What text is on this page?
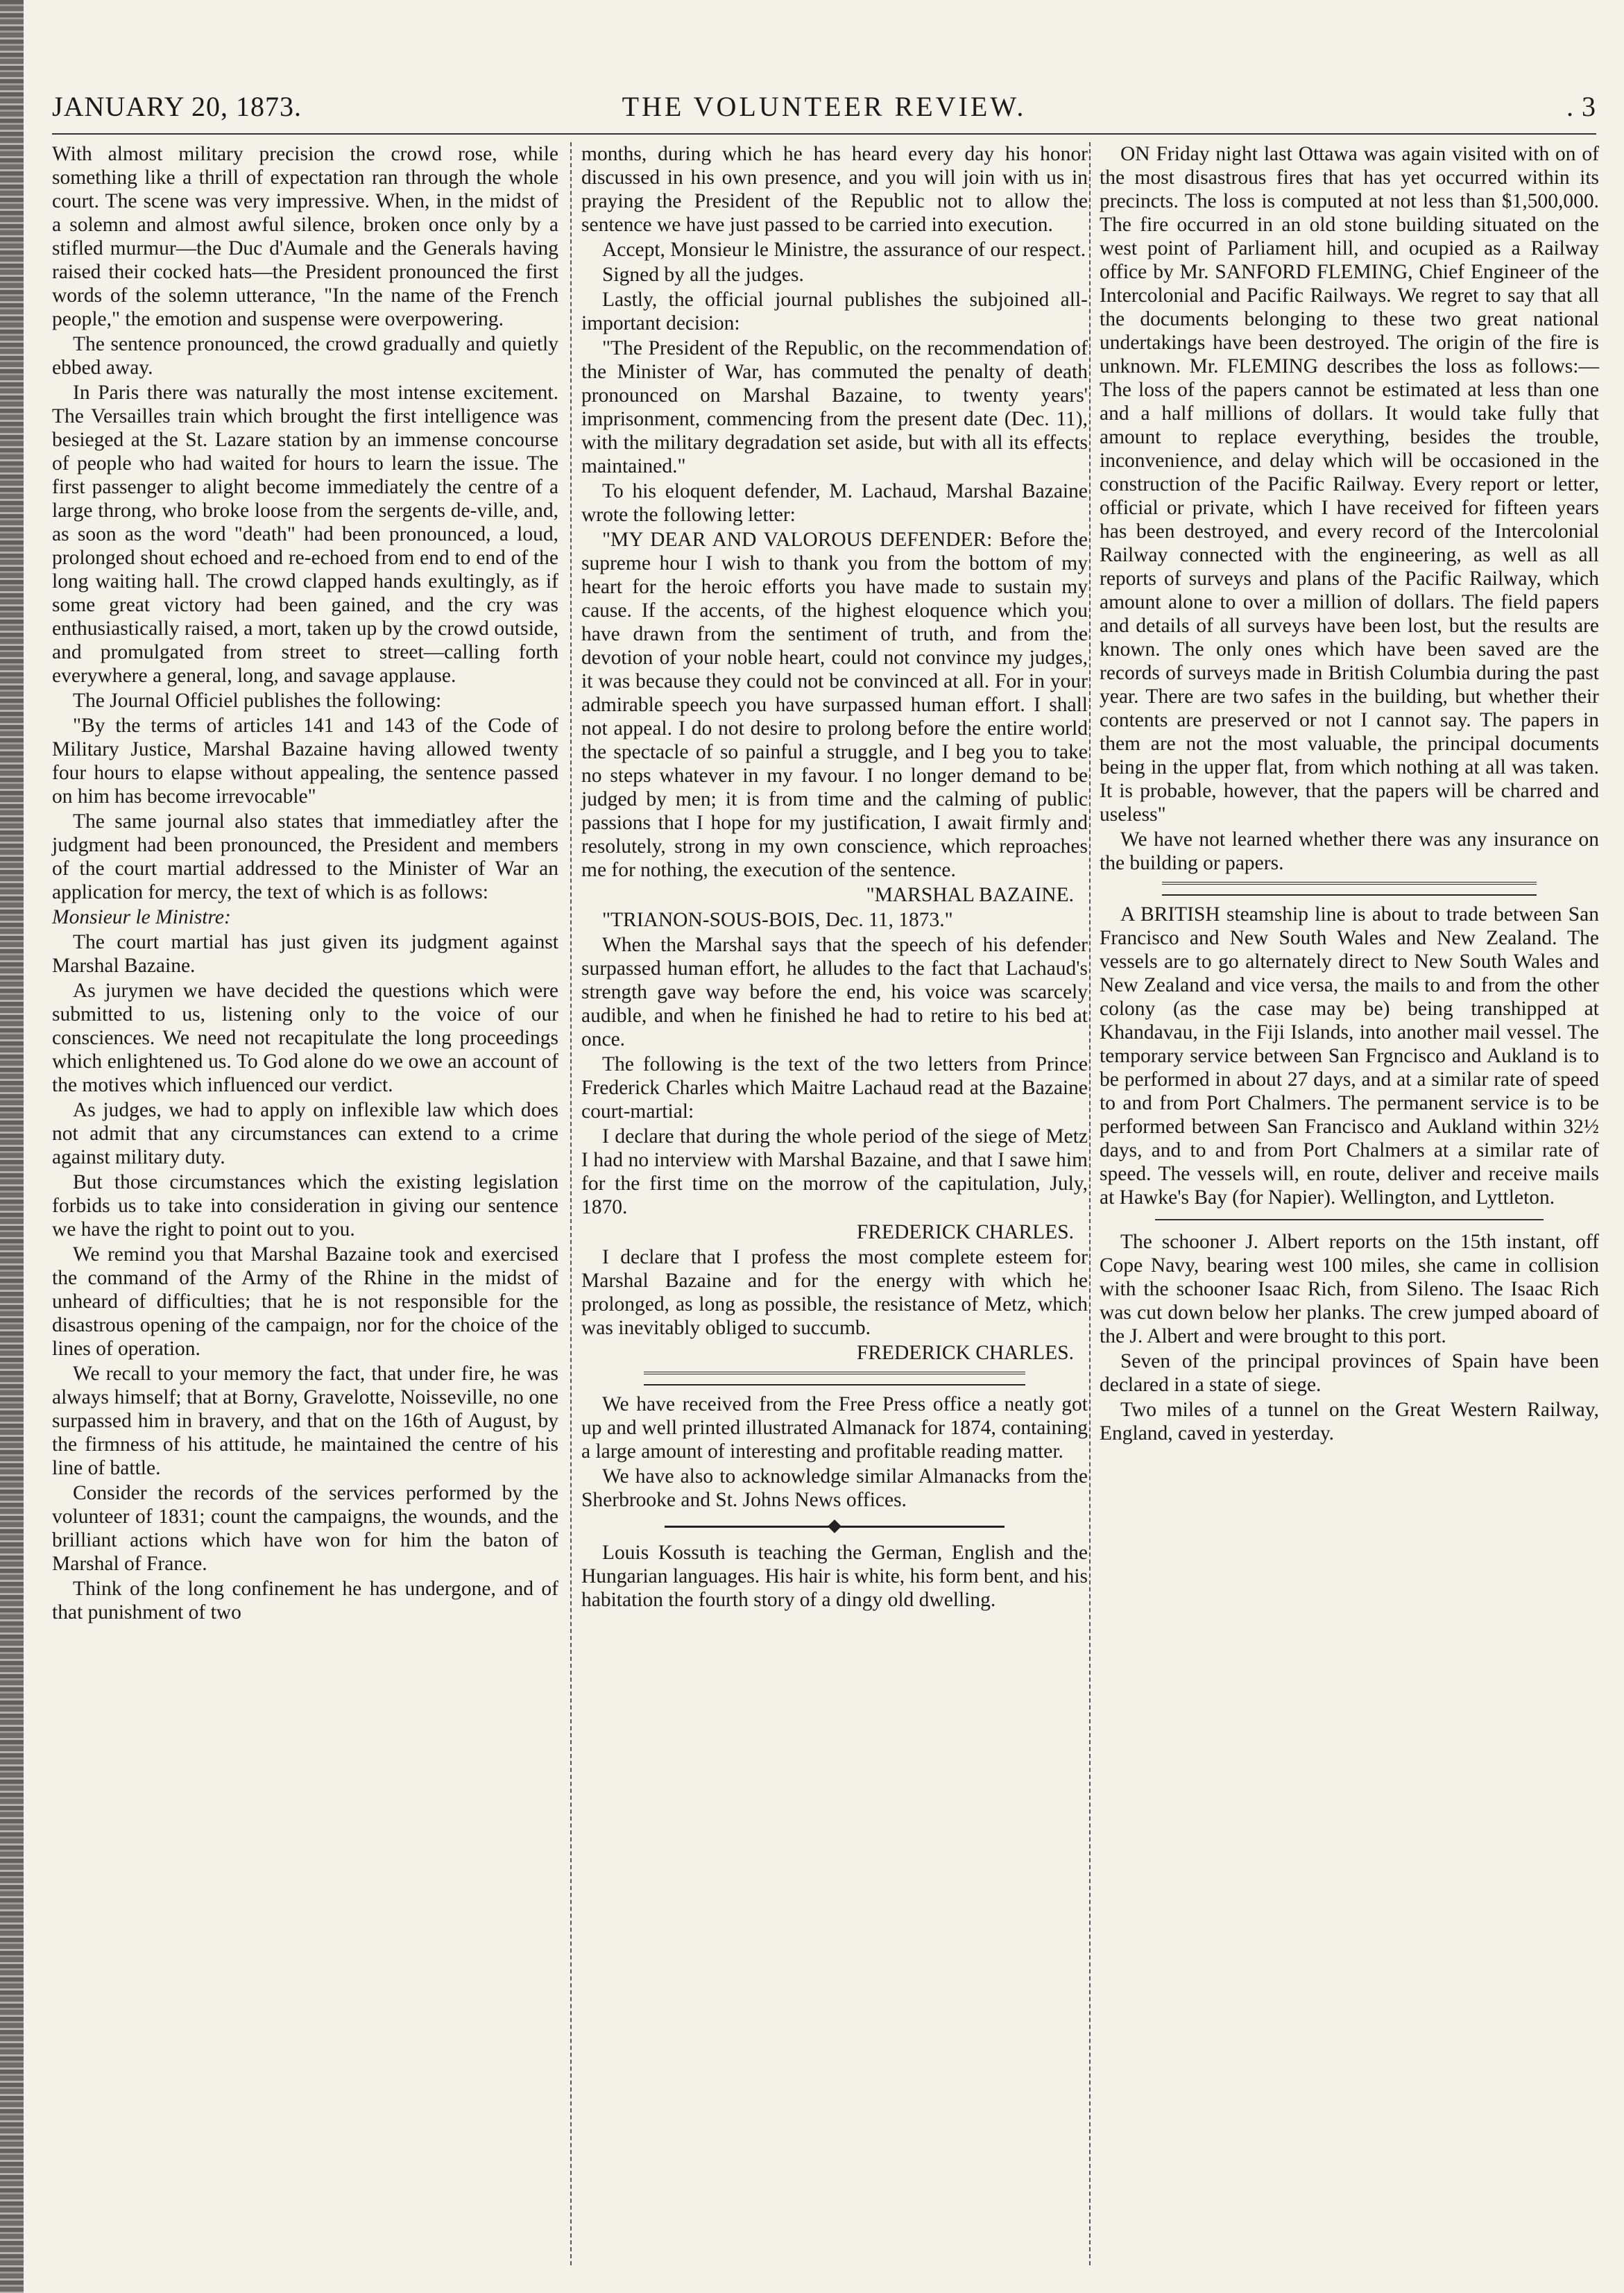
JANUARY 20, 1873.	THE VOLUNTEER REVIEW.	. 3

With almost military precision the crowd rose, while something like a thrill of expectation ran through the whole court. The scene was very impressive. When, in the midst of a solemn and almost awful silence, broken once only by a stifled murmur—the Duc d'Aumale and the Generals having raised their cocked hats—the President pronounced the first words of the solemn utterance, "In the name of the French people," the emotion and suspense were overpowering.

The sentence pronounced, the crowd gradually and quietly ebbed away.

In Paris there was naturally the most intense excitement. The Versailles train which brought the first intelligence was besieged at the St. Lazare station by an immense concourse of people who had waited for hours to learn the issue. The first passenger to alight become immediately the centre of a large throng, who broke loose from the sergents de-ville, and, as soon as the word "death" had been pronounced, a loud, prolonged shout echoed and re-echoed from end to end of the long waiting hall. The crowd clapped hands exultingly, as if some great victory had been gained, and the cry was enthusiastically raised, a mort, taken up by the crowd outside, and promulgated from street to street—calling forth everywhere a general, long, and savage applause.

The Journal Officiel publishes the following:

"By the terms of articles 141 and 143 of the Code of Military Justice, Marshal Bazaine having allowed twenty four hours to elapse without appealing, the sentence passed on him has become irrevocable"

The same journal also states that immediatley after the judgment had been pronounced, the President and members of the court martial addressed to the Minister of War an application for mercy, the text of which is as follows:

Monsieur le Ministre:

The court martial has just given its judgment against Marshal Bazaine.

As jurymen we have decided the questions which were submitted to us, listening only to the voice of our consciences. We need not recapitulate the long proceedings which enlightened us. To God alone do we owe an account of the motives which influenced our verdict.

As judges, we had to apply on inflexible law which does not admit that any circumstances can extend to a crime against military duty.

But those circumstances which the existing legislation forbids us to take into consideration in giving our sentence we have the right to point out to you.

We remind you that Marshal Bazaine took and exercised the command of the Army of the Rhine in the midst of unheard of difficulties; that he is not responsible for the disastrous opening of the campaign, nor for the choice of the lines of operation.

We recall to your memory the fact, that under fire, he was always himself; that at Borny, Gravelotte, Noisseville, no one surpassed him in bravery, and that on the 16th of August, by the firmness of his attitude, he maintained the centre of his line of battle.

Consider the records of the services performed by the volunteer of 1831; count the campaigns, the wounds, and the brilliant actions which have won for him the baton of Marshal of France.

Think of the long confinement he has undergone, and of that punishment of two

months, during which he has heard every day his honor discussed in his own presence, and you will join with us in praying the President of the Republic not to allow the sentence we have just passed to be carried into execution.

Accept, Monsieur le Ministre, the assurance of our respect.

Signed by all the judges.

Lastly, the official journal publishes the subjoined all-important decision:

"The President of the Republic, on the recommendation of the Minister of War, has commuted the penalty of death pronounced on Marshal Bazaine, to twenty years' imprisonment, commencing from the present date (Dec. 11), with the military degradation set aside, but with all its effects maintained."

To his eloquent defender, M. Lachaud, Marshal Bazaine wrote the following letter:

"MY DEAR AND VALOROUS DEFENDER: Before the supreme hour I wish to thank you from the bottom of my heart for the heroic efforts you have made to sustain my cause. If the accents, of the highest eloquence which you have drawn from the sentiment of truth, and from the devotion of your noble heart, could not convince my judges, it was because they could not be convinced at all. For in your admirable speech you have surpassed human effort. I shall not appeal. I do not desire to prolong before the entire world the spectacle of so painful a struggle, and I beg you to take no steps whatever in my favour. I no longer demand to be judged by men; it is from time and the calming of public passions that I hope for my justification, I await firmly and resolutely, strong in my own conscience, which reproaches me for nothing, the execution of the sentence.

"MARSHAL BAZAINE.

"TRIANON-SOUS-BOIS, Dec. 11, 1873."

When the Marshal says that the speech of his defender surpassed human effort, he alludes to the fact that Lachaud's strength gave way before the end, his voice was scarcely audible, and when he finished he had to retire to his bed at once.

The following is the text of the two letters from Prince Frederick Charles which Maitre Lachaud read at the Bazaine court-martial:

I declare that during the whole period of the siege of Metz I had no interview with Marshal Bazaine, and that I sawe him for the first time on the morrow of the capitulation, July, 1870.

FREDERICK CHARLES.

I declare that I profess the most complete esteem for Marshal Bazaine and for the energy with which he prolonged, as long as possible, the resistance of Metz, which was inevitably obliged to succumb.

FREDERICK CHARLES.

We have received from the Free Press office a neatly got up and well printed illustrated Almanack for 1874, containing a large amount of interesting and profitable reading matter.

We have also to acknowledge similar Almanacks from the Sherbrooke and St. Johns News offices.

Louis Kossuth is teaching the German, English and the Hungarian languages. His hair is white, his form bent, and his habitation the fourth story of a dingy old dwelling.

ON Friday night last Ottawa was again visited with on of the most disastrous fires that has yet occurred within its precincts. The loss is computed at not less than $1,500,000. The fire occurred in an old stone building situated on the west point of Parliament hill, and ocupied as a Railway office by Mr. SANFORD FLEMING, Chief Engineer of the Intercolonial and Pacific Railways. We regret to say that all the documents belonging to these two great national undertakings have been destroyed. The origin of the fire is unknown. Mr. FLEMING describes the loss as follows:—The loss of the papers cannot be estimated at less than one and a half millions of dollars. It would take fully that amount to replace everything, besides the trouble, inconvenience, and delay which will be occasioned in the construction of the Pacific Railway. Every report or letter, official or private, which I have received for fifteen years has been destroyed, and every record of the Intercolonial Railway connected with the engineering, as well as all reports of surveys and plans of the Pacific Railway, which amount alone to over a million of dollars. The field papers and details of all surveys have been lost, but the results are known. The only ones which have been saved are the records of surveys made in British Columbia during the past year. There are two safes in the building, but whether their contents are preserved or not I cannot say. The papers in them are not the most valuable, the principal documents being in the upper flat, from which nothing at all was taken. It is probable, however, that the papers will be charred and useless"

We have not learned whether there was any insurance on the building or papers.

A BRITISH steamship line is about to trade between San Francisco and New South Wales and New Zealand. The vessels are to go alternately direct to New South Wales and New Zealand and vice versa, the mails to and from the other colony (as the case may be) being transhipped at Khandavau, in the Fiji Islands, into another mail vessel. The temporary service between San Frgncisco and Aukland is to be performed in about 27 days, and at a similar rate of speed to and from Port Chalmers. The permanent service is to be performed between San Francisco and Aukland within 32½ days, and to and from Port Chalmers at a similar rate of speed. The vessels will, en route, deliver and receive mails at Hawke's Bay (for Napier). Wellington, and Lyttleton.

The schooner J. Albert reports on the 15th instant, off Cope Navy, bearing west 100 miles, she came in collision with the schooner Isaac Rich, from Sileno. The Isaac Rich was cut down below her planks. The crew jumped aboard of the J. Albert and were brought to this port.

Seven of the principal provinces of Spain have been declared in a state of siege.

Two miles of a tunnel on the Great Western Railway, England, caved in yesterday.
